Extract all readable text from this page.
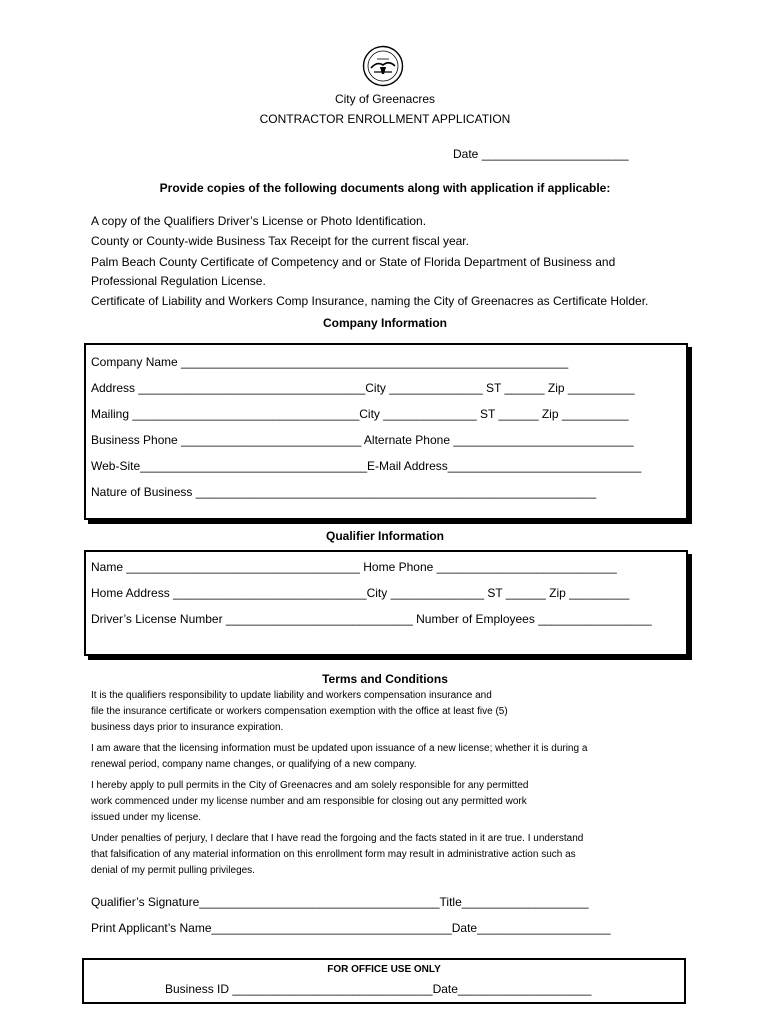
City of Greenacres
CONTRACTOR ENROLLMENT APPLICATION
Date ______________________
Provide copies of the following documents along with application if applicable:
A copy of the Qualifiers Driver’s License or Photo Identification.
County or County-wide Business Tax Receipt for the current fiscal year.
Palm Beach County Certificate of Competency and or State of Florida Department of Business and
Professional Regulation License.
Certificate of Liability and Workers Comp Insurance, naming the City of Greenacres as Certificate Holder.
Company Information
Company Name __________________________________________________________
Address __________________________________City ______________ ST ______ Zip __________
Mailing __________________________________City ______________ ST ______ Zip __________
Business Phone ___________________________ Alternate Phone ___________________________
Web-Site__________________________________E-Mail Address_____________________________
Nature of Business ____________________________________________________________
Qualifier Information
Name ___________________________________ Home Phone ___________________________
Home Address _____________________________City ______________ ST ______ Zip _________
Driver’s License Number ____________________________ Number of Employees _________________
Terms and Conditions
It is the qualifiers responsibility to update liability and workers compensation insurance and
file the insurance certificate or workers compensation exemption with the office at least five (5)
business days prior to insurance expiration.
I am aware that the licensing information must be updated upon issuance of a new license; whether it is during a
renewal period, company name changes, or qualifying of a new company.
I hereby apply to pull permits in the City of Greenacres and am solely responsible for any permitted
work commenced under my license number and am responsible for closing out any permitted work
issued under my license.
Under penalties of perjury, I declare that I have read the forgoing and the facts stated in it are true. I understand
that falsification of any material information on this enrollment form may result in administrative action such as
denial of my permit pulling privileges.
Qualifier’s Signature____________________________________Title___________________
Print Applicant’s Name____________________________________Date____________________
FOR OFFICE USE ONLY
Business ID ______________________________Date____________________
